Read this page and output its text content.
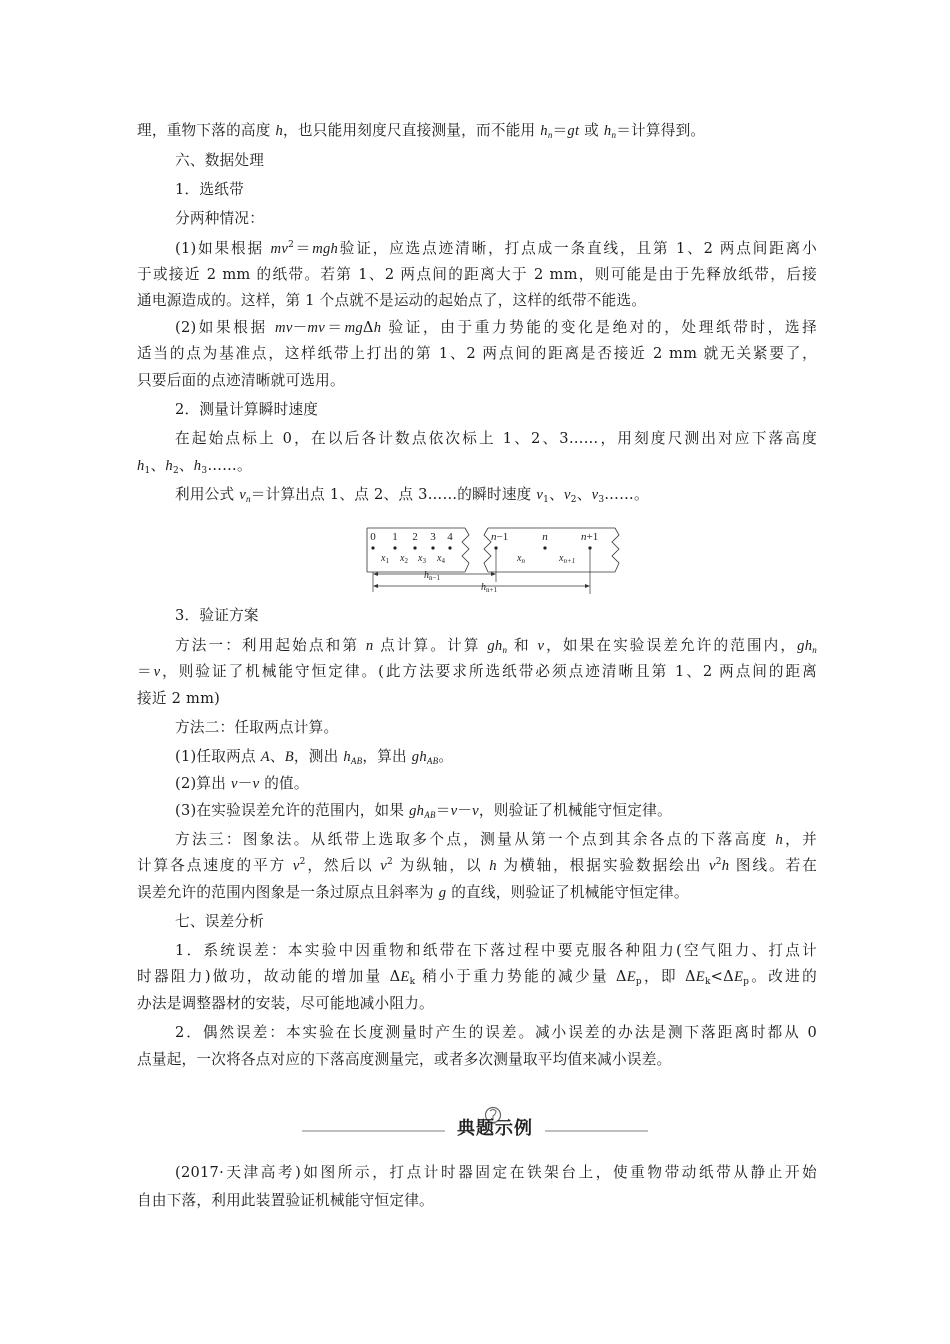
理，重物下落的高度 h，也只能用刻度尺直接测量，而不能用 $h_n=gt$ 或 $h_n=$计算得到。
六、数据处理
1．选纸带
分两种情况：
(1)如果根据 $mv^2=mgh$验证，应选点迹清晰，打点成一条直线，且第 1、2 两点间距离小
于或接近 2 mm 的纸带。若第 1、2 两点间的距离大于 2 mm，则可能是由于先释放纸带，后接
通电源造成的。这样，第 1 个点就不是运动的起始点了，这样的纸带不能选。
(2)如果根据 mv－mv＝mgΔh 验证，由于重力势能的变化是绝对的，处理纸带时，选择
适当的点为基准点，这样纸带上打出的第 1、2 两点间的距离是否接近 2 mm 就无关紧要了，
只要后面的点迹清晰就可选用。
2．测量计算瞬时速度
在起始点标上 0，在以后各计数点依次标上 1、2、3……，用刻度尺测出对应下落高度
$h_1$、$h_2$、$h_3\dots\dots$。
利用公式 $v_n=$计算出点 1、点 2、点 3……的瞬时速度 $v_1$、$v_2$、$v_3\dots\dots$。
0 1 2 3 4
$x_1$ $x_2$ $x_3$ $x_4$
n−1	n	n+1
$x_n$	$x_{n+1}$
$h_{n-1}$
$h_{n+1}$
3．验证方案
方法一：利用起始点和第 n 点计算。计算 $gh_n$ 和 v，如果在实验误差允许的范围内，$gh_n$
＝v，则验证了机械能守恒定律。(此方法要求所选纸带必须点迹清晰且第 1、2 两点间的距离
接近 2 mm)
方法二：任取两点计算。
(1)任取两点 A、B，测出 $h_{AB}$，算出 $gh_{AB}$。
(2)算出 v－v 的值。
(3)在实验误差允许的范围内，如果 $gh_{AB}=v-v$，则验证了机械能守恒定律。
方法三：图象法。从纸带上选取多个点，测量从第一个点到其余各点的下落高度 h，并
计算各点速度的平方 $v^2$，然后以 $v^2$ 为纵轴，以 h 为横轴，根据实验数据绘出 $v^2h$ 图线。若在
误差允许的范围内图象是一条过原点且斜率为 g 的直线，则验证了机械能守恒定律。
七、误差分析
1．系统误差：本实验中因重物和纸带在下落过程中要克服各种阻力(空气阻力、打点计
时器阻力)做功，故动能的增加量 $\Delta E_k$ 稍小于重力势能的减少量 $\Delta E_p$，即 $\Delta E_k<\Delta E_p$。改进的
办法是调整器材的安装，尽可能地减小阻力。
2．偶然误差：本实验在长度测量时产生的误差。减小误差的办法是测下落距离时都从 0
点量起，一次将各点对应的下落高度测量完，或者多次测量取平均值来减小误差。
典题示例
(2017·天津高考)如图所示，打点计时器固定在铁架台上，使重物带动纸带从静止开始
自由下落，利用此装置验证机械能守恒定律。
